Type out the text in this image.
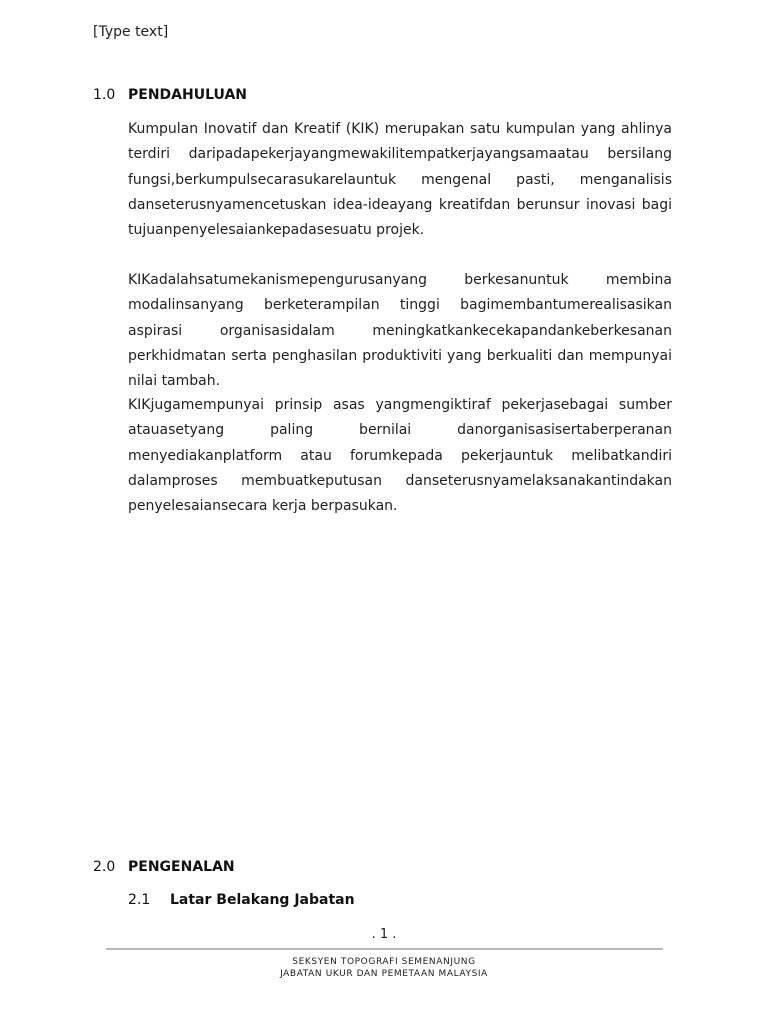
[Type text]
1.0 PENDAHULUAN

Kumpulan Inovatif dan Kreatif (KIK) merupakan satu kumpulan yang ahlinya terdiri daripadapekerjayangmewakilitempatkerjayangsamaatau bersilang fungsi,berkumpulsecarasukarelauntuk mengenal pasti, menganalisis danseterusnyamencetuskan idea-ideayang kreatifdan berunsur inovasi bagi tujuanpenyelesaiankepadasesuatu projek.

KIKadalahsatumekanismepengurusanyang berkesanuntuk membina modalinsanyang berketerampilan tinggi bagimembantumerealisasikan aspirasi organisasidalam meningkatkankecekapandankeberkesanan perkhidmatan serta penghasilan produktiviti yang berkualiti dan mempunyai nilai tambah.

KIKjugamempunyai prinsip asas yangmengiktiraf pekerjasebagai sumber atauasetyang paling bernilai danorganisasisertaberperanan menyediakanplatform atau forumkepada pekerjauntuk melibatkandiri dalamproses membuatkeputusan danseterusnyamelaksanakantindakan penyelesaiansecara kerja berpasukan.

2.0 PENGENALAN
2.1 Latar Belakang Jabatan
. 1 .
SEKSYEN TOPOGRAFI SEMENANJUNG
JABATAN UKUR DAN PEMETAAN MALAYSIA
